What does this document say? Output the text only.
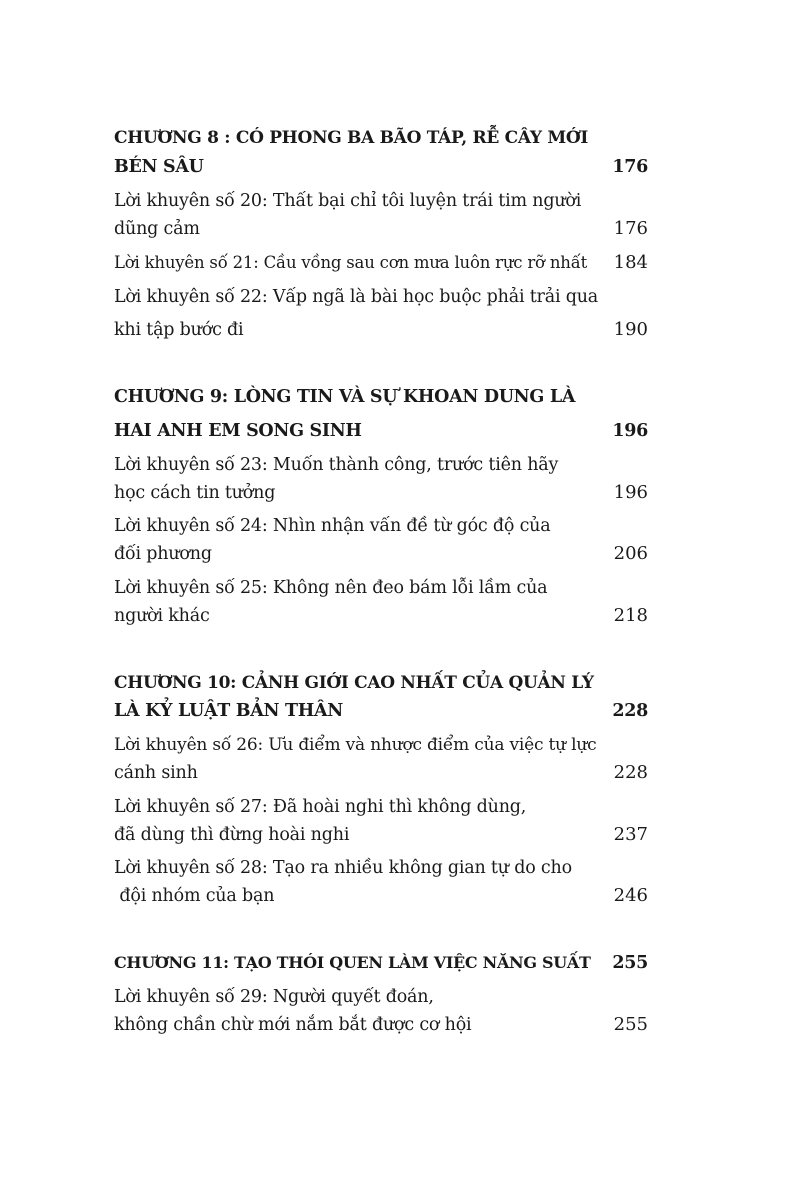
CHƯƠNG 8 : CÓ PHONG BA BÃO TÁP, RỄ CÂY MỚI
BÉN SÂU	176
Lời khuyên số 20: Thất bại chỉ tôi luyện trái tim người
dũng cảm	176
Lời khuyên số 21: Cầu vồng sau cơn mưa luôn rực rỡ nhất	184
Lời khuyên số 22: Vấp ngã là bài học buộc phải trải qua
khi tập bước đi	190
CHƯƠNG 9: LÒNG TIN VÀ SỰ KHOAN DUNG LÀ
HAI ANH EM SONG SINH	196
Lời khuyên số 23: Muốn thành công, trước tiên hãy
học cách tin tưởng	196
Lời khuyên số 24: Nhìn nhận vấn đề từ góc độ của
đối phương	206
Lời khuyên số 25: Không nên đeo bám lỗi lầm của
người khác	218
CHƯƠNG 10: CẢNH GIỚI CAO NHẤT CỦA QUẢN LÝ
LÀ KỶ LUẬT BẢN THÂN	228
Lời khuyên số 26: Ưu điểm và nhược điểm của việc tự lực
cánh sinh	228
Lời khuyên số 27: Đã hoài nghi thì không dùng,
đã dùng thì đừng hoài nghi	237
Lời khuyên số 28: Tạo ra nhiều không gian tự do cho
đội nhóm của bạn	246
CHƯƠNG 11: TẠO THÓI QUEN LÀM VIỆC NĂNG SUẤT	255
Lời khuyên số 29: Người quyết đoán,
không chần chừ mới nắm bắt được cơ hội	255
